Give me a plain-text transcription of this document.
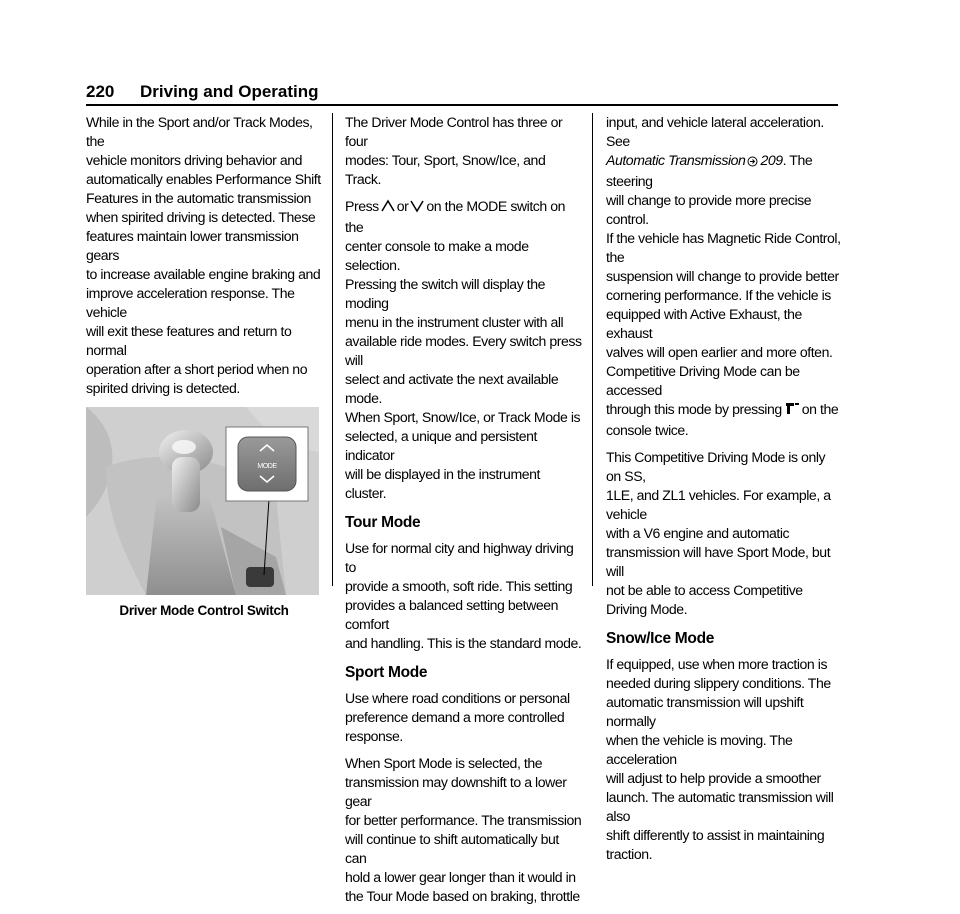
220 Driving and Operating

While in the Sport and/or Track Modes, the
vehicle monitors driving behavior and
automatically enables Performance Shift
Features in the automatic transmission
when spirited driving is detected. These
features maintain lower transmission gears
to increase available engine braking and
improve acceleration response. The vehicle
will exit these features and return to normal
operation after a short period when no
spirited driving is detected.

MODE
Driver Mode Control Switch

The Driver Mode Control has three or four
modes: Tour, Sport, Snow/Ice, and Track.

Press or on the MODE switch on the
center console to make a mode selection.
Pressing the switch will display the moding
menu in the instrument cluster with all
available ride modes. Every switch press will
select and activate the next available mode.
When Sport, Snow/Ice, or Track Mode is
selected, a unique and persistent indicator
will be displayed in the instrument cluster.

Tour Mode

Use for normal city and highway driving to
provide a smooth, soft ride. This setting
provides a balanced setting between comfort
and handling. This is the standard mode.

Sport Mode

Use where road conditions or personal
preference demand a more controlled
response.

When Sport Mode is selected, the
transmission may downshift to a lower gear
for better performance. The transmission
will continue to shift automatically but can
hold a lower gear longer than it would in
the Tour Mode based on braking, throttle

input, and vehicle lateral acceleration. See
Automatic Transmission 209. The steering
will change to provide more precise control.
If the vehicle has Magnetic Ride Control, the
suspension will change to provide better
cornering performance. If the vehicle is
equipped with Active Exhaust, the exhaust
valves will open earlier and more often.
Competitive Driving Mode can be accessed
through this mode by pressing on the
console twice.

This Competitive Driving Mode is only on SS,
1LE, and ZL1 vehicles. For example, a vehicle
with a V6 engine and automatic
transmission will have Sport Mode, but will
not be able to access Competitive
Driving Mode.

Snow/Ice Mode

If equipped, use when more traction is
needed during slippery conditions. The
automatic transmission will upshift normally
when the vehicle is moving. The acceleration
will adjust to help provide a smoother
launch. The automatic transmission will also
shift differently to assist in maintaining
traction.
